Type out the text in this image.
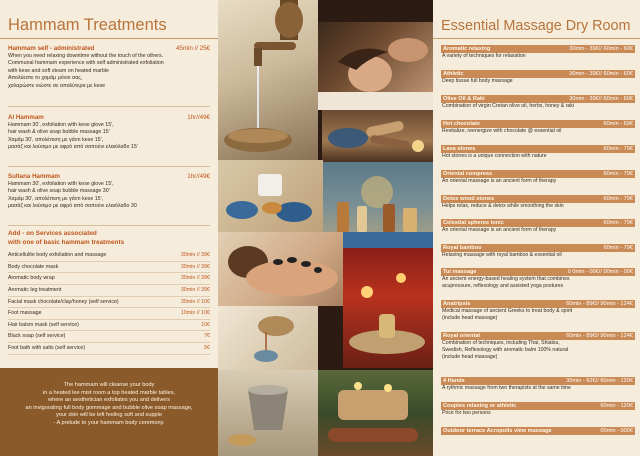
Hammam Treatments
Hammam self - administrated	45min // 25€
When you need relaxing downtime without the touch of the others.
Communal hammam experience with self administrated exfoliation
with kese and soft steam on heated marble
Απολύεστε το χαμάμ μόνοι σας,
χαλαρώστε νιώστε σε απαλύτερα με kese
Al Hammam	1hr//49€
Hammam 30', exfoliation with kese glove 15',
hair wash & olive soap bubble massage 15'
Χαμάμ 30', απολέπιση με γάντι kese 15',
μασάζ και λούσιμο με αφρό από σαπούνι ελαιόλαδο 15'
Sultana Hammam	1hr//49€
Hammam 30', exfoliation with kese glove 15',
hair wash & olive soap bubble massage 30'
Χαμάμ 30', απολέπιση με γάντι kese 15',
μασάζ και λούσιμο με αφρό από σαπούνι ελαιόλαδο 30
Add - on Services associated
with one of basic hammam treatments
Anticellulite body exfoliation and massage	30min // 39€
Body chocolate mask	30min // 39€
Aromatic body wrap	30min // 39€
Aromatic leg treatment	30min // 39€
Facial mask chocolate/clay/honey (self service)	30min // 10€
Foot massage	10min // 10€
Hair balsm mask (self service)	10€
Black soap (self service)	7€
Foot bath with salts (self service)	5€
The hammam will cleanse your body
in a heated lee mist room a top heated marble tables,
where an aesthetician exfoliates you and delivers
an invigorating full body gommage and bubble olive soap massage,
your skin will be left feeling soft and supple
- A prelude to your hammam body ceremony.
Essential Massage Dry Room
Aromatic relaxing	30min - 39€// 60min - 60€
A variety of techniques for relaxation
Athletic	30min - 39€// 60min - 60€
Deep tissue full body massage
Olive Oil & Raki	30min - 39€// 60min - 60€
Combination of virgin Cretan olive oil, herbs, honey & raki
Hot chocolate	60min - 69€
Revitalize, reenergize with chocolate @ essential oil
Lava stones	60min - 79€
Hot stones is a unique connection with nature
Oriental compress	60min - 79€
An oriental massage is an ancient form of therapy
Detox wood stones	60min - 79€
Helps relax, reduce & detox while smoothing the skin
Celestial spheres tonic	60min - 79€
An oriental massage is an ancient form of therapy
Royal bamboo	60min - 79€
Relaxing massage with royal bamboo & essential oil
Tui massage	0 0min - 00€// 00min - 00€
An ancient energy-based healing system that combines
acupressure, reflexology and assisted yoga postures
Anatripsis	60min - 89€// 90min - 124€
Medical massage of ancient Greeks to treat body & spirit
(include head massage)
Royal oriental	60min - 89€// 90min - 124€
Combination of techniques, including Thai, Shiatsu,
Swedish, Reflexology with aromatic balm 100% natural
(include head massage)
4 Hands	30min - 62€// 60min - 120€
A rythmic massage from two therapists at the same time
Couples relaxing or athletic	60min - 120€
Price for two persons
Outdoor terrace Acropolis view massage	00min - 000€
